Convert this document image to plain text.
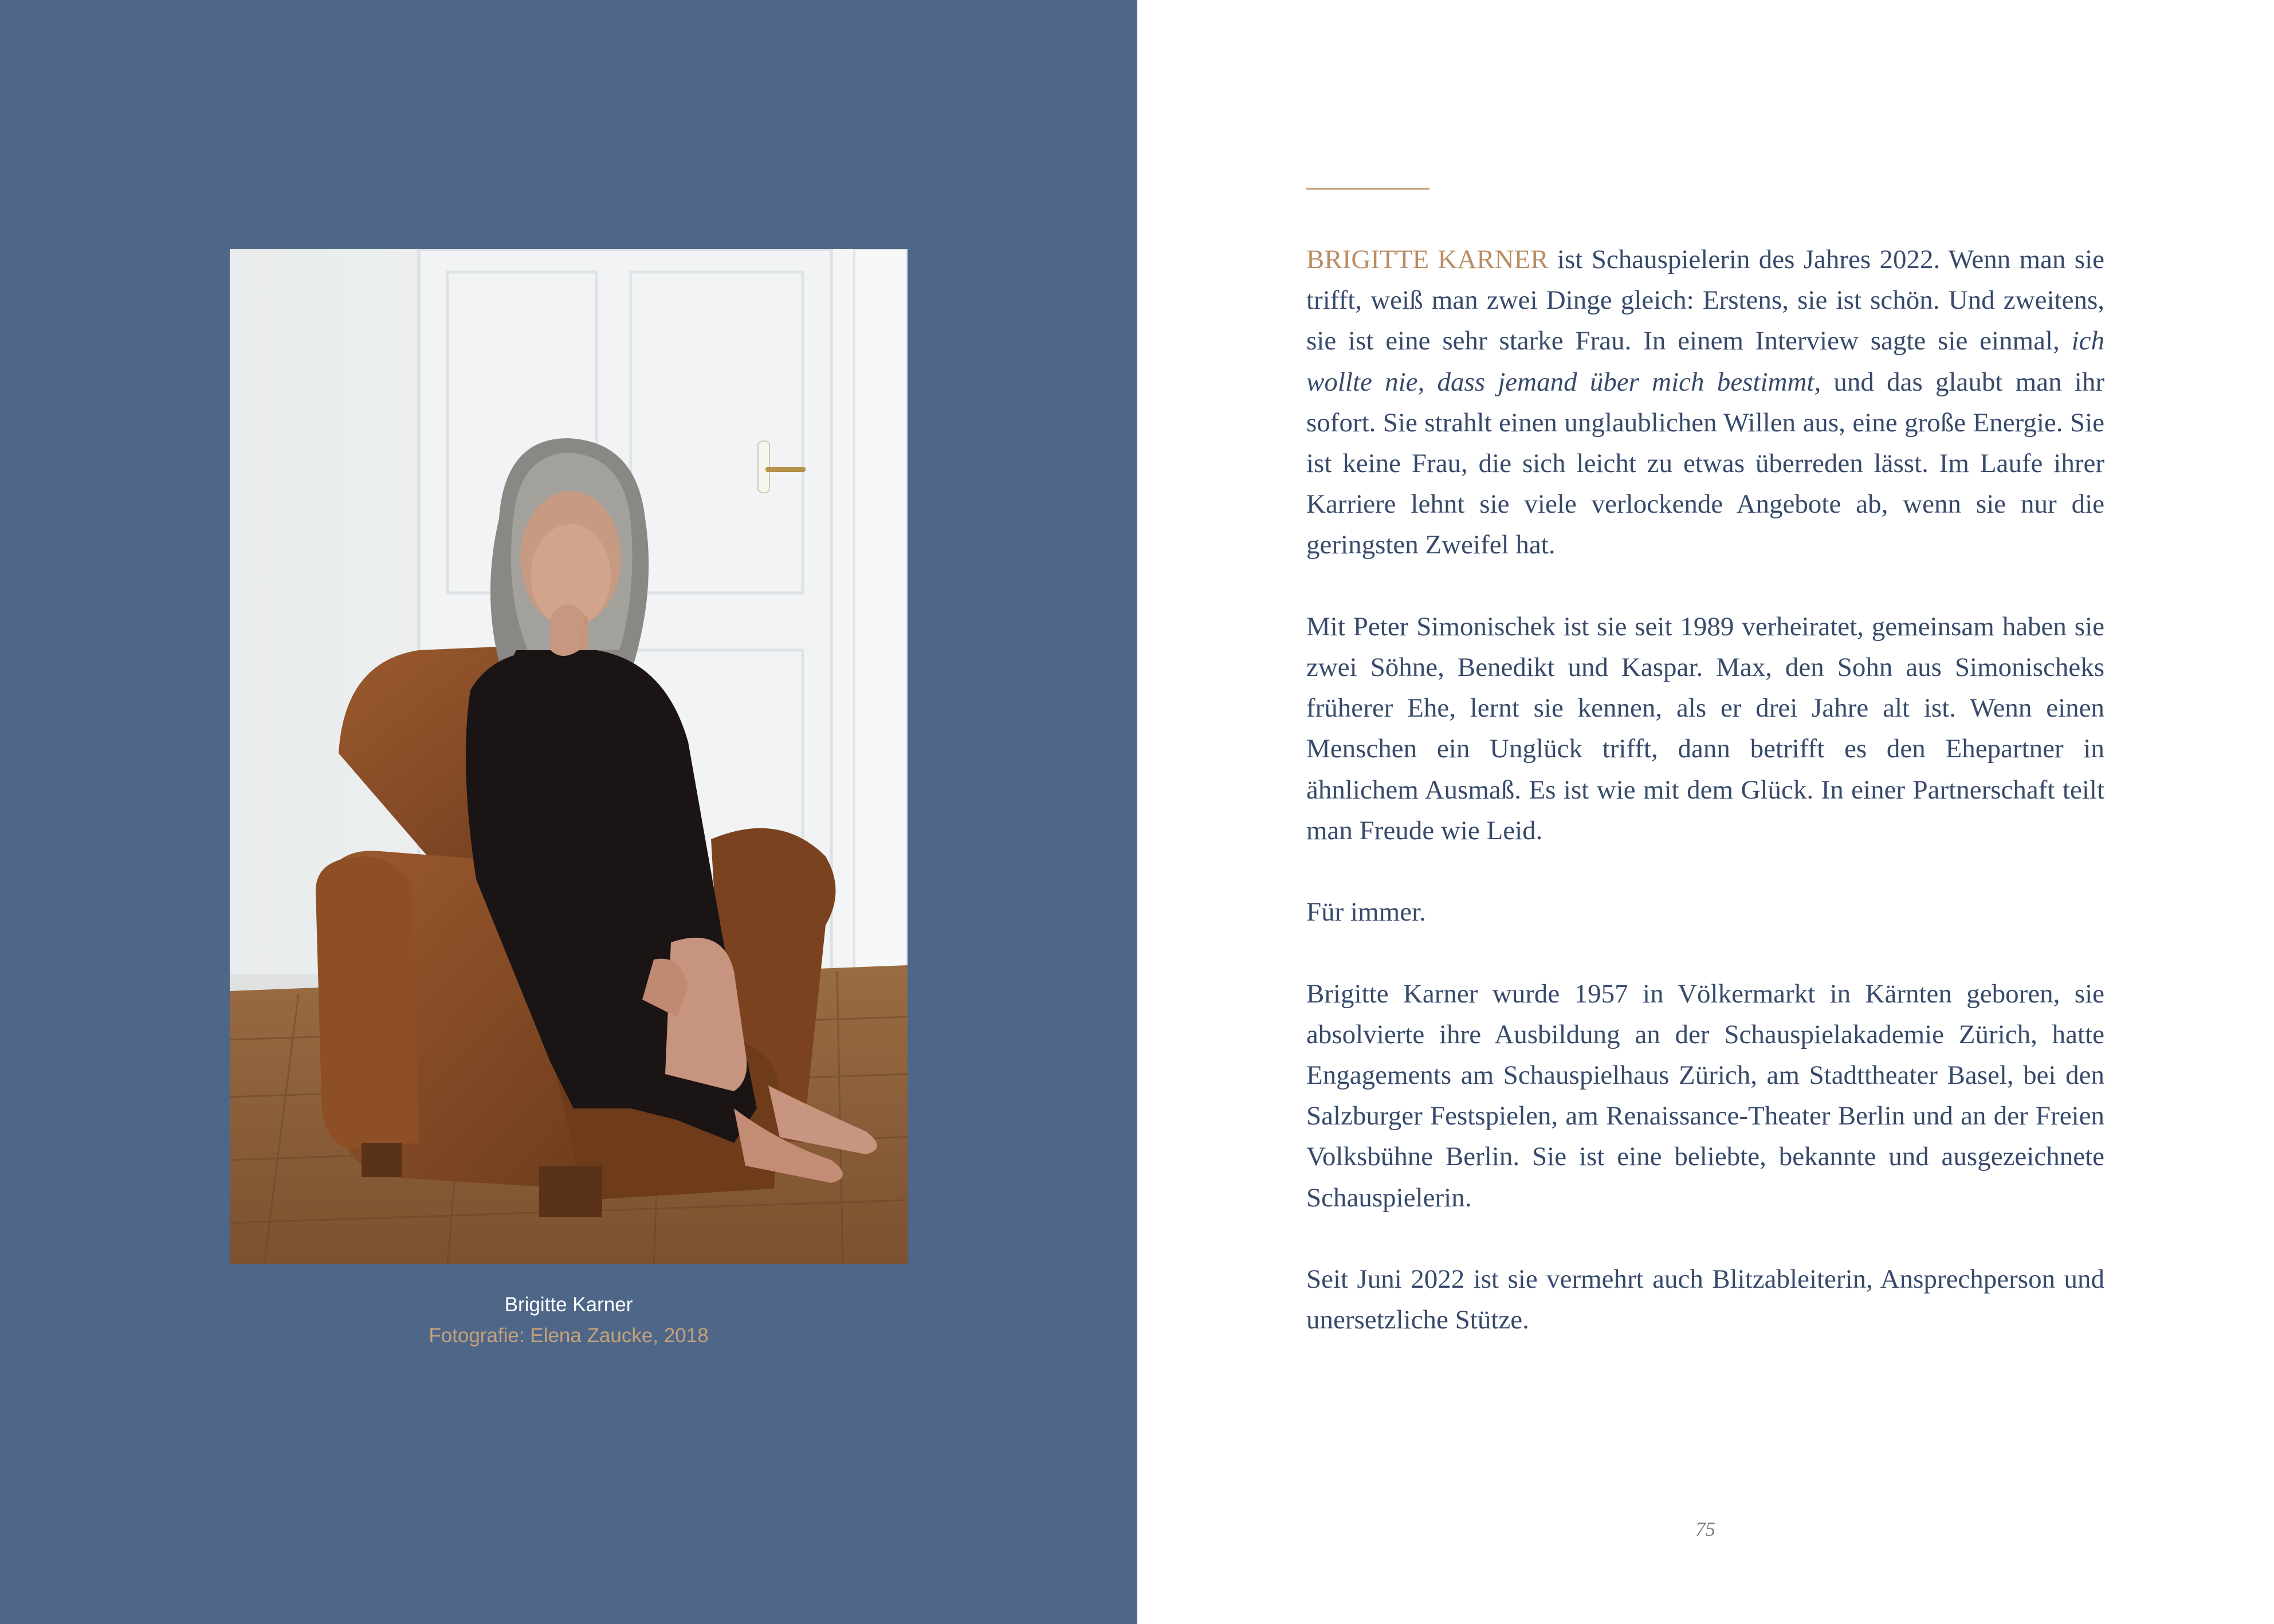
Brigitte Karner
Fotografie: Elena Zaucke, 2018

BRIGITTE KARNER ist Schauspielerin des Jahres 2022. Wenn man sie trifft, weiß man zwei Dinge gleich: Erstens, sie ist schön. Und zweitens, sie ist eine sehr starke Frau. In einem Interview sagte sie einmal, ich wollte nie, dass jemand über mich bestimmt, und das glaubt man ihr sofort. Sie strahlt einen unglaublichen Willen aus, eine große Energie. Sie ist keine Frau, die sich leicht zu etwas überreden lässt. Im Laufe ihrer Karriere lehnt sie viele verlockende Angebote ab, wenn sie nur die geringsten Zweifel hat.

Mit Peter Simonischek ist sie seit 1989 verheiratet, gemeinsam haben sie zwei Söhne, Benedikt und Kaspar. Max, den Sohn aus Simonischeks früherer Ehe, lernt sie kennen, als er drei Jahre alt ist. Wenn einen Menschen ein Unglück trifft, dann betrifft es den Ehepartner in ähnlichem Ausmaß. Es ist wie mit dem Glück. In einer Partnerschaft teilt man Freude wie Leid.

Für immer.

Brigitte Karner wurde 1957 in Völkermarkt in Kärnten geboren, sie absolvierte ihre Ausbildung an der Schauspielakademie Zürich, hatte Engagements am Schauspielhaus Zürich, am Stadttheater Basel, bei den Salzburger Festspielen, am Renaissance-Theater Berlin und an der Freien Volksbühne Berlin. Sie ist eine beliebte, bekannte und ausgezeichnete Schauspielerin.

Seit Juni 2022 ist sie vermehrt auch Blitzableiterin, Ansprechperson und unersetzliche Stütze.

75
